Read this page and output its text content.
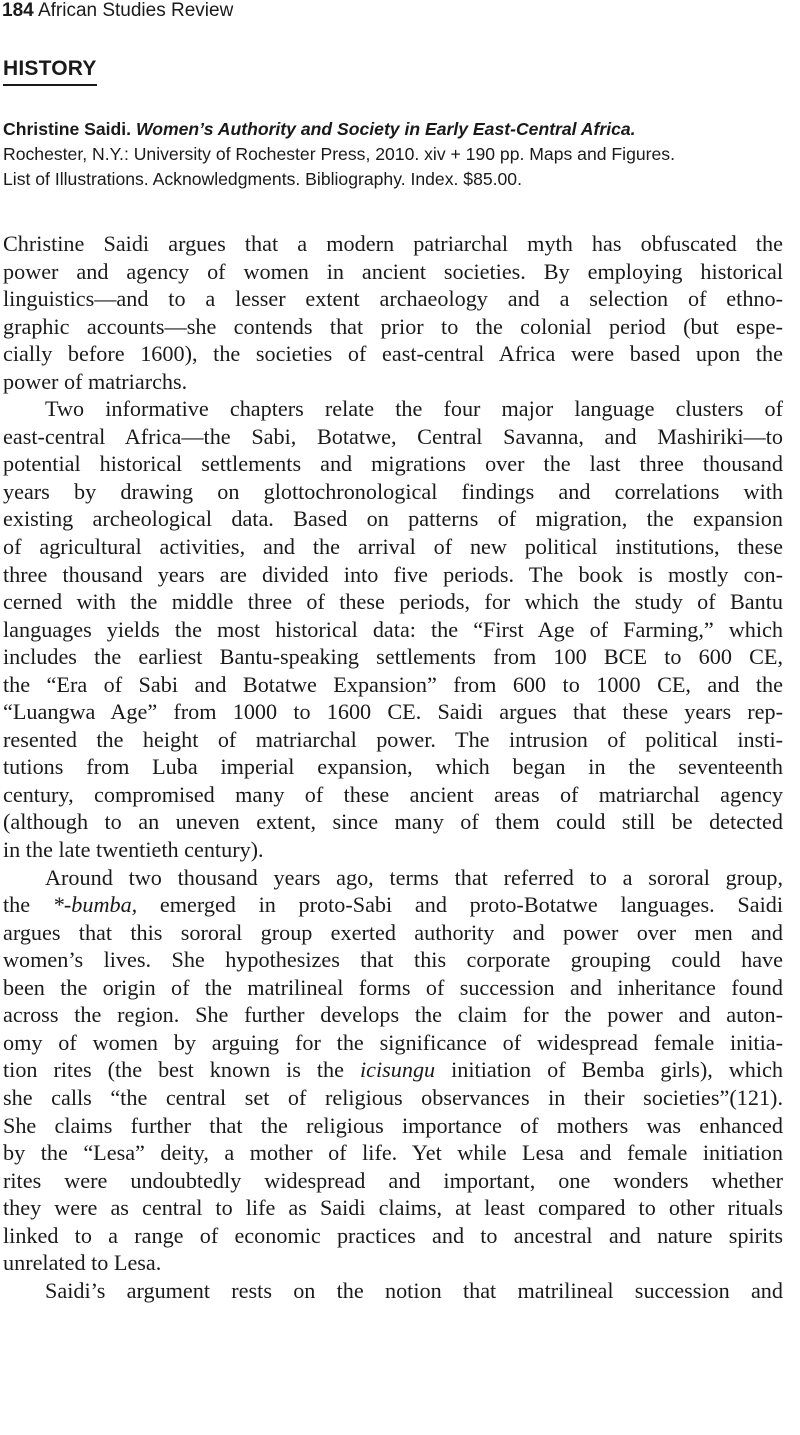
184 African Studies Review
HISTORY
Christine Saidi. Women’s Authority and Society in Early East-Central Africa.
Rochester, N.Y.: University of Rochester Press, 2010. xiv + 190 pp. Maps and Figures.
List of Illustrations. Acknowledgments. Bibliography. Index. $85.00.
Christine Saidi argues that a modern patriarchal myth has obfuscated the
power and agency of women in ancient societies. By employing historical
linguistics—and to a lesser extent archaeology and a selection of ethno-
graphic accounts—she contends that prior to the colonial period (but espe-
cially before 1600), the societies of east-central Africa were based upon the
power of matriarchs.
Two informative chapters relate the four major language clusters of
east-central Africa—the Sabi, Botatwe, Central Savanna, and Mashiriki—to
potential historical settlements and migrations over the last three thousand
years by drawing on glottochronological findings and correlations with
existing archeological data. Based on patterns of migration, the expansion
of agricultural activities, and the arrival of new political institutions, these
three thousand years are divided into five periods. The book is mostly con-
cerned with the middle three of these periods, for which the study of Bantu
languages yields the most historical data: the “First Age of Farming,” which
includes the earliest Bantu-speaking settlements from 100 BCE to 600 CE,
the “Era of Sabi and Botatwe Expansion” from 600 to 1000 CE, and the
“Luangwa Age” from 1000 to 1600 CE. Saidi argues that these years rep-
resented the height of matriarchal power. The intrusion of political insti-
tutions from Luba imperial expansion, which began in the seventeenth
century, compromised many of these ancient areas of matriarchal agency
(although to an uneven extent, since many of them could still be detected
in the late twentieth century).
Around two thousand years ago, terms that referred to a sororal group,
the *-bumba, emerged in proto-Sabi and proto-Botatwe languages. Saidi
argues that this sororal group exerted authority and power over men and
women’s lives. She hypothesizes that this corporate grouping could have
been the origin of the matrilineal forms of succession and inheritance found
across the region. She further develops the claim for the power and auton-
omy of women by arguing for the significance of widespread female initia-
tion rites (the best known is the icisungu initiation of Bemba girls), which
she calls “the central set of religious observances in their societies”(121).
She claims further that the religious importance of mothers was enhanced
by the “Lesa” deity, a mother of life. Yet while Lesa and female initiation
rites were undoubtedly widespread and important, one wonders whether
they were as central to life as Saidi claims, at least compared to other rituals
linked to a range of economic practices and to ancestral and nature spirits
unrelated to Lesa.
Saidi’s argument rests on the notion that matrilineal succession and
